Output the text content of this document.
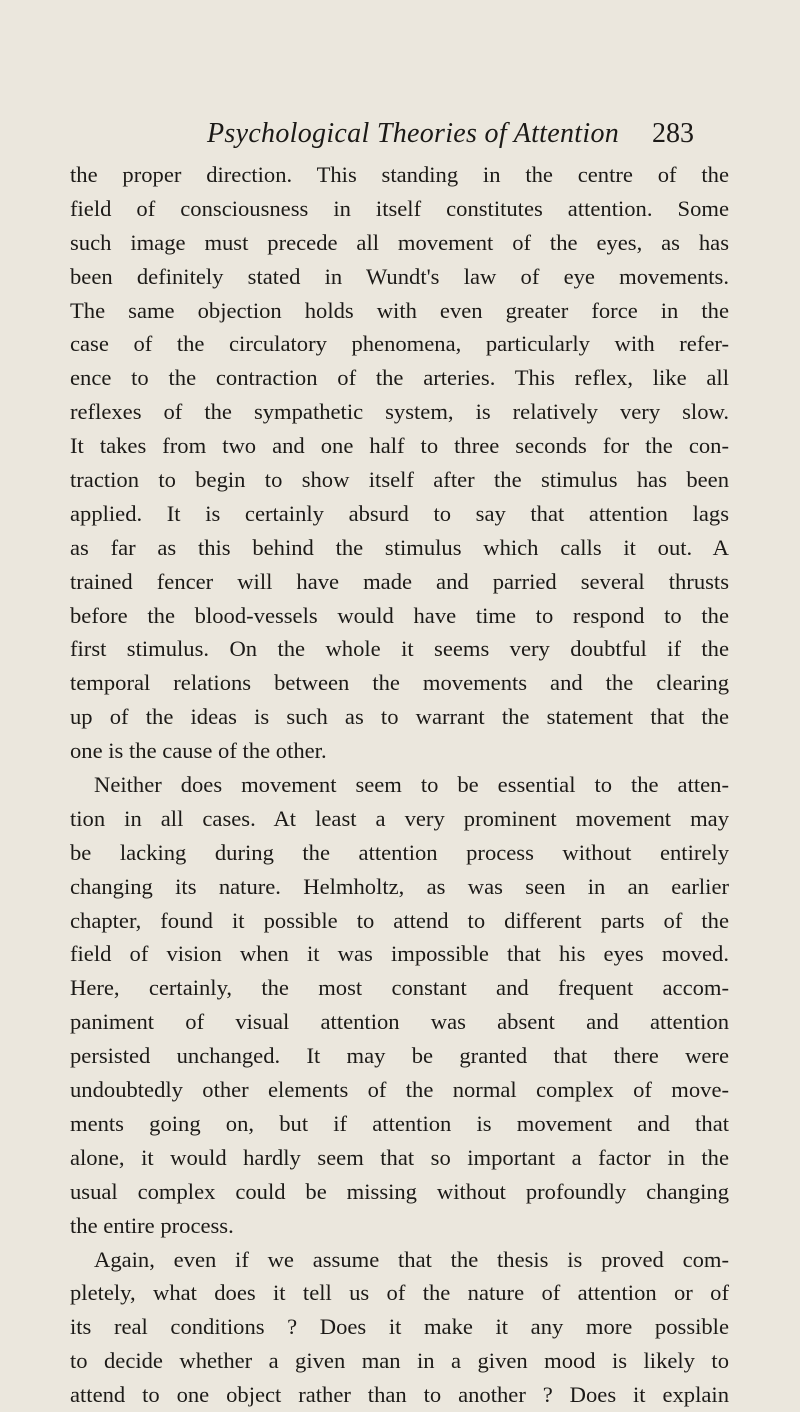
Psychological Theories of Attention 283
the proper direction. This standing in the centre of the
field of consciousness in itself constitutes attention. Some
such image must precede all movement of the eyes, as has
been definitely stated in Wundt's law of eye movements.
The same objection holds with even greater force in the
case of the circulatory phenomena, particularly with refer-
ence to the contraction of the arteries. This reflex, like all
reflexes of the sympathetic system, is relatively very slow.
It takes from two and one half to three seconds for the con-
traction to begin to show itself after the stimulus has been
applied. It is certainly absurd to say that attention lags
as far as this behind the stimulus which calls it out. A
trained fencer will have made and parried several thrusts
before the blood-vessels would have time to respond to the
first stimulus. On the whole it seems very doubtful if the
temporal relations between the movements and the clearing
up of the ideas is such as to warrant the statement that the
one is the cause of the other.
Neither does movement seem to be essential to the atten-
tion in all cases. At least a very prominent movement may
be lacking during the attention process without entirely
changing its nature. Helmholtz, as was seen in an earlier
chapter, found it possible to attend to different parts of the
field of vision when it was impossible that his eyes moved.
Here, certainly, the most constant and frequent accom-
paniment of visual attention was absent and attention
persisted unchanged. It may be granted that there were
undoubtedly other elements of the normal complex of move-
ments going on, but if attention is movement and that
alone, it would hardly seem that so important a factor in the
usual complex could be missing without profoundly changing
the entire process.
Again, even if we assume that the thesis is proved com-
pletely, what does it tell us of the nature of attention or of
its real conditions ? Does it make it any more possible
to decide whether a given man in a given mood is likely to
attend to one object rather than to another ? Does it explain
